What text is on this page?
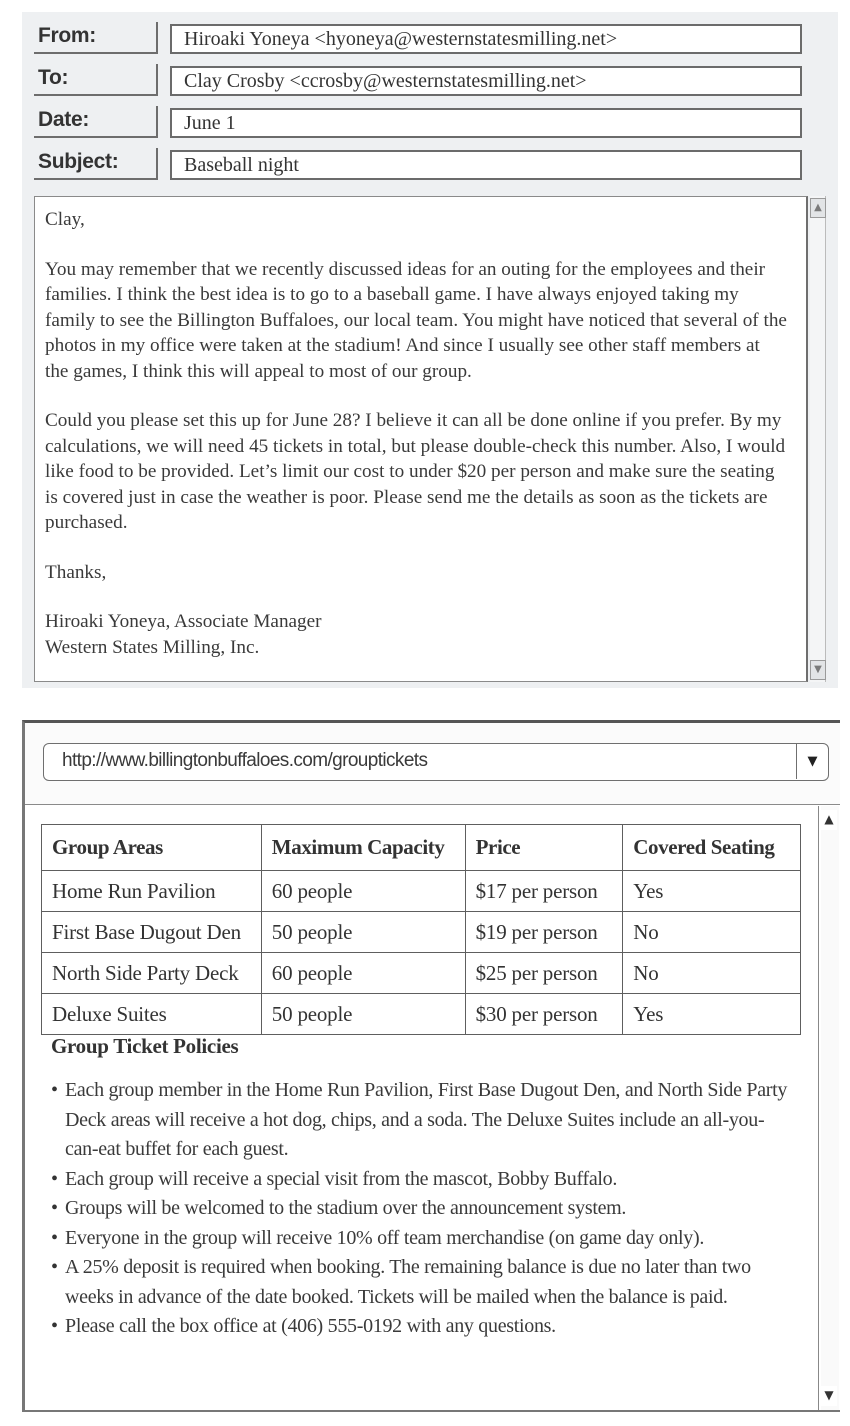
From:	Hiroaki Yoneya <hyoneya@westernstatesmilling.net>
To:	Clay Crosby <ccrosby@westernstatesmilling.net>
Date:	June 1
Subject:	Baseball night

Clay,

You may remember that we recently discussed ideas for an outing for the employees and their families. I think the best idea is to go to a baseball game. I have always enjoyed taking my family to see the Billington Buffaloes, our local team. You might have noticed that several of the photos in my office were taken at the stadium! And since I usually see other staff members at the games, I think this will appeal to most of our group.

Could you please set this up for June 28? I believe it can all be done online if you prefer. By my calculations, we will need 45 tickets in total, but please double-check this number. Also, I would like food to be provided. Let’s limit our cost to under $20 per person and make sure the seating is covered just in case the weather is poor. Please send me the details as soon as the tickets are purchased.

Thanks,

Hiroaki Yoneya, Associate Manager
Western States Milling, Inc.
▲
▼
http://www.billingtonbuffaloes.com/grouptickets	▼
Group Areas	Maximum Capacity	Price	Covered Seating
Home Run Pavilion	60 people	$17 per person	Yes
First Base Dugout Den	50 people	$19 per person	No
North Side Party Deck	60 people	$25 per person	No
Deluxe Suites	50 people	$30 per person	Yes
Group Ticket Policies
• Each group member in the Home Run Pavilion, First Base Dugout Den, and North Side Party Deck areas will receive a hot dog, chips, and a soda. The Deluxe Suites include an all-you-can-eat buffet for each guest.
• Each group will receive a special visit from the mascot, Bobby Buffalo.
• Groups will be welcomed to the stadium over the announcement system.
• Everyone in the group will receive 10% off team merchandise (on game day only).
• A 25% deposit is required when booking. The remaining balance is due no later than two weeks in advance of the date booked. Tickets will be mailed when the balance is paid.
• Please call the box office at (406) 555-0192 with any questions.
▲
▼
